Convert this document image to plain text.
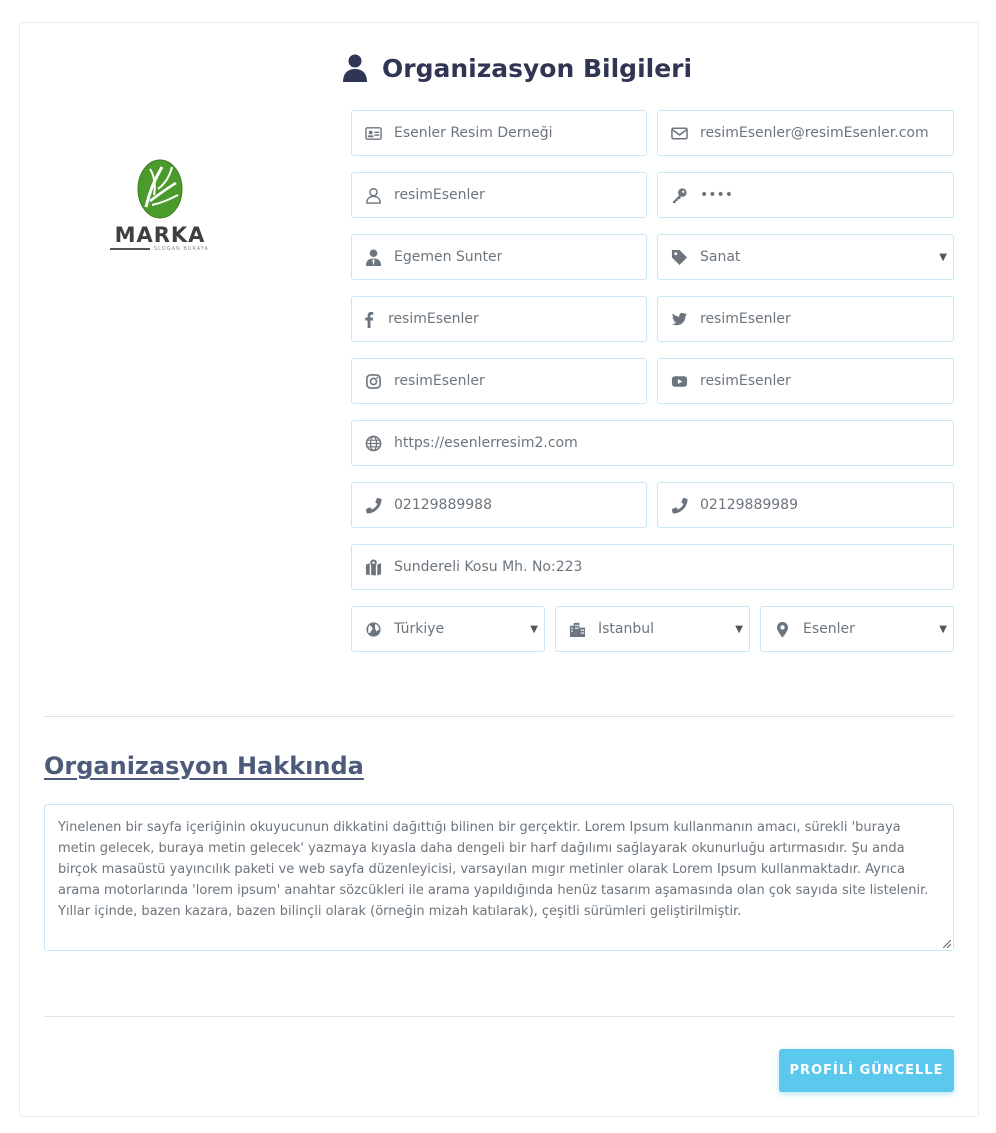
MARKA
SLOGAN BURAYA
Organizasyon Bilgileri
Esenler Resim Derneği	resimEsenler@resimEsenler.com
resimEsenler	••••
Egemen Sunter	Sanat	▼
resimEsenler	resimEsenler
resimEsenler	resimEsenler
https://esenlerresim2.com
02129889988	02129889989
Sundereli Kosu Mh. No:223
Türkiye	▼	İstanbul	▼	Esenler	▼
Organizasyon Hakkında
Yinelenen bir sayfa içeriğinin okuyucunun dikkatini dağıttığı bilinen bir gerçektir. Lorem Ipsum kullanmanın amacı, sürekli 'buraya metin gelecek, buraya metin gelecek' yazmaya kıyasla daha dengeli bir harf dağılımı sağlayarak okunurluğu artırmasıdır. Şu anda birçok masaüstü yayıncılık paketi ve web sayfa düzenleyicisi, varsayılan mıgır metinler olarak Lorem Ipsum kullanmaktadır. Ayrıca arama motorlarında 'lorem ipsum' anahtar sözcükleri ile arama yapıldığında henüz tasarım aşamasında olan çok sayıda site listelenir. Yıllar içinde, bazen kazara, bazen bilinçli olarak (örneğin mizah katılarak), çeşitli sürümleri geliştirilmiştir.
PROFİLİ GÜNCELLE
